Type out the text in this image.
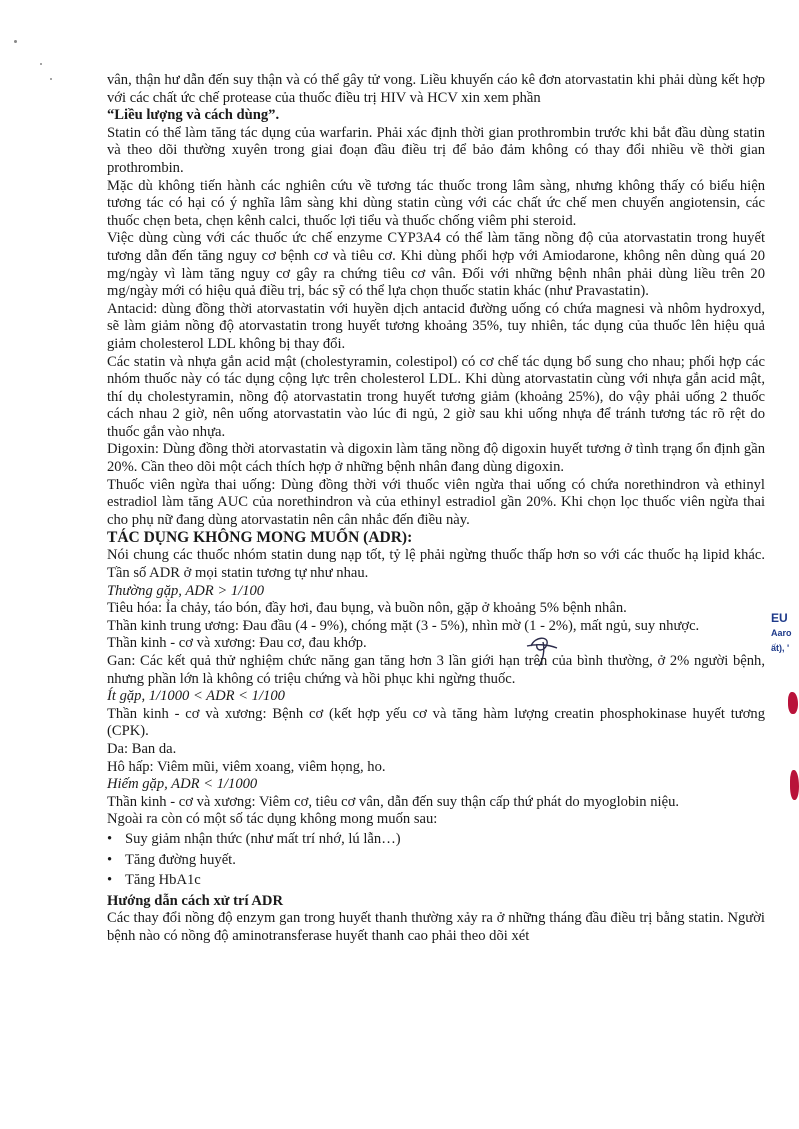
EU
Aaro
ất), '

vân, thận hư dẫn đến suy thận và có thể gây tử vong. Liều khuyến cáo kê đơn atorvastatin khi phải dùng kết hợp với các chất ức chế protease của thuốc điều trị HIV và HCV xin xem phần

“Liều lượng và cách dùng”.

Statin có thể làm tăng tác dụng của warfarin. Phải xác định thời gian prothrombin trước khi bắt đầu dùng statin và theo dõi thường xuyên trong giai đoạn đầu điều trị để bảo đảm không có thay đổi nhiều về thời gian prothrombin.

Mặc dù không tiến hành các nghiên cứu về tương tác thuốc trong lâm sàng, nhưng không thấy có biểu hiện tương tác có hại có ý nghĩa lâm sàng khi dùng statin cùng với các chất ức chế men chuyển angiotensin, các thuốc chẹn beta, chẹn kênh calci, thuốc lợi tiểu và thuốc chống viêm phi steroid.

Việc dùng cùng với các thuốc ức chế enzyme CYP3A4 có thể làm tăng nồng độ của atorvastatin trong huyết tương dẫn đến tăng nguy cơ bệnh cơ và tiêu cơ. Khi dùng phối hợp với Amiodarone, không nên dùng quá 20 mg/ngày vì làm tăng nguy cơ gây ra chứng tiêu cơ vân. Đối với những bệnh nhân phải dùng liều trên 20 mg/ngày mới có hiệu quả điều trị, bác sỹ có thể lựa chọn thuốc statin khác (như Pravastatin).

Antacid: dùng đồng thời atorvastatin với huyền dịch antacid đường uống có chứa magnesi và nhôm hydroxyd, sẽ làm giảm nồng độ atorvastatin trong huyết tương khoảng 35%, tuy nhiên, tác dụng của thuốc lên hiệu quả giảm cholesterol LDL không bị thay đổi.

Các statin và nhựa gắn acid mật (cholestyramin, colestipol) có cơ chế tác dụng bổ sung cho nhau; phối hợp các nhóm thuốc này có tác dụng cộng lực trên cholesterol LDL. Khi dùng atorvastatin cùng với nhựa gắn acid mật, thí dụ cholestyramin, nồng độ atorvastatin trong huyết tương giảm (khoảng 25%), do vậy phải uống 2 thuốc cách nhau 2 giờ, nên uống atorvastatin vào lúc đi ngủ, 2 giờ sau khi uống nhựa để tránh tương tác rõ rệt do thuốc gắn vào nhựa.

Digoxin: Dùng đồng thời atorvastatin và digoxin làm tăng nồng độ digoxin huyết tương ở tình trạng ổn định gần 20%. Cần theo dõi một cách thích hợp ở những bệnh nhân đang dùng digoxin.

Thuốc viên ngừa thai uống: Dùng đồng thời với thuốc viên ngừa thai uống có chứa norethindron và ethinyl estradiol làm tăng AUC của norethindron và của ethinyl estradiol gần 20%. Khi chọn lọc thuốc viên ngừa thai cho phụ nữ đang dùng atorvastatin nên cân nhắc đến điều này.

TÁC DỤNG KHÔNG MONG MUỐN (ADR):

Nói chung các thuốc nhóm statin dung nạp tốt, tỷ lệ phải ngừng thuốc thấp hơn so với các thuốc hạ lipid khác. Tần số ADR ở mọi statin tương tự như nhau.

Thường gặp, ADR > 1/100

Tiêu hóa: Ỉa chảy, táo bón, đầy hơi, đau bụng, và buồn nôn, gặp ở khoảng 5% bệnh nhân.

Thần kinh trung ương: Đau đầu (4 - 9%), chóng mặt (3 - 5%), nhìn mờ (1 - 2%), mất ngủ, suy nhược.

Thần kinh - cơ và xương: Đau cơ, đau khớp.

Gan: Các kết quả thử nghiệm chức năng gan tăng hơn 3 lần giới hạn trên của bình thường, ở 2% người bệnh, nhưng phần lớn là không có triệu chứng và hồi phục khi ngừng thuốc.

Ít gặp, 1/1000 < ADR < 1/100

Thần kinh - cơ và xương: Bệnh cơ (kết hợp yếu cơ và tăng hàm lượng creatin phosphokinase huyết tương (CPK).

Da: Ban da.

Hô hấp: Viêm mũi, viêm xoang, viêm họng, ho.

Hiếm gặp, ADR < 1/1000

Thần kinh - cơ và xương: Viêm cơ, tiêu cơ vân, dẫn đến suy thận cấp thứ phát do myoglobin niệu.

Ngoài ra còn có một số tác dụng không mong muốn sau:

• Suy giảm nhận thức (như mất trí nhớ, lú lẫn…)
• Tăng đường huyết.
• Tăng HbA1c

Hướng dẫn cách xử trí ADR

Các thay đổi nồng độ enzym gan trong huyết thanh thường xảy ra ở những tháng đầu điều trị bằng statin. Người bệnh nào có nồng độ aminotransferase huyết thanh cao phải theo dõi xét
